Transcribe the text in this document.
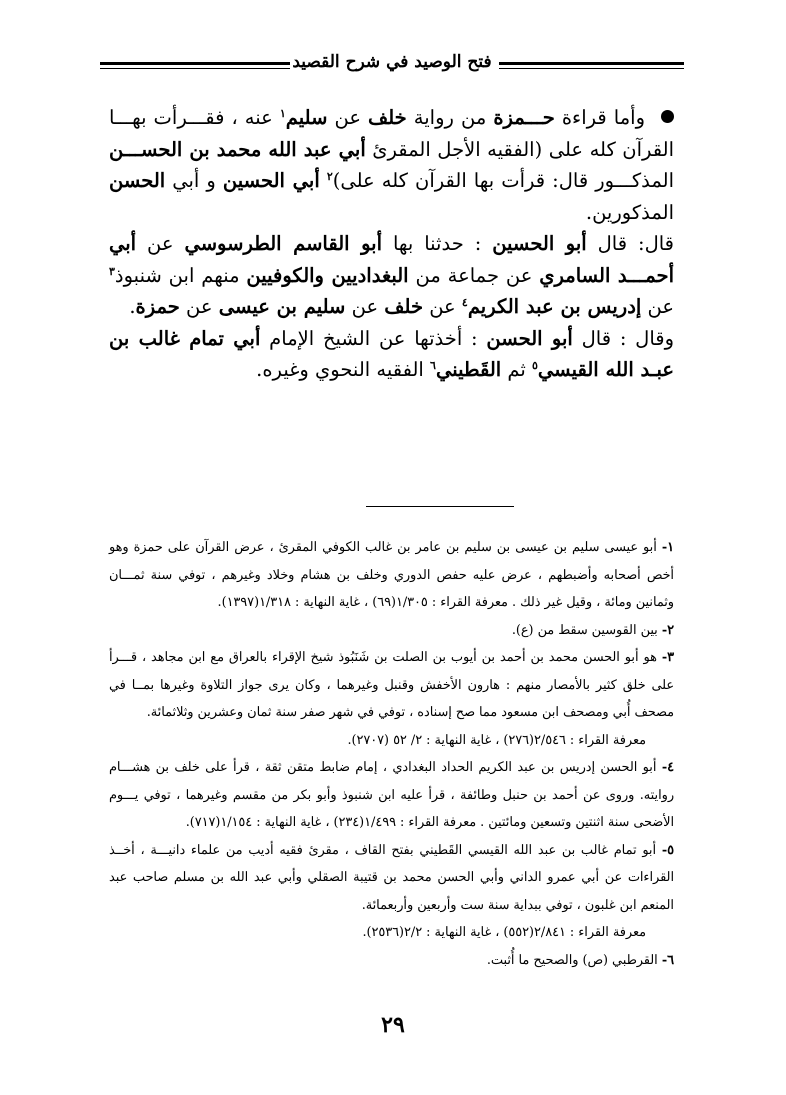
فتح الوصيد في شرح القصيد

وأما قراءة حـــمزة من رواية خلف عن سليم$^١$ عنه ، فقـــرأت بهـــا القرآن كله على (الفقيه الأجل المقرئ أبي عبد الله محمد بن الحســـن المذكـــور قال: قرأت بها القرآن كله على)$^٢$ أبي الحسين و أبي الحسن المذكورين.

قال: قال أبو الحسين : حدثنا بها أبو القاسم الطرسوسي عن أبي أحمـــد السامري عن جماعة من البغداديين والكوفيين منهم ابن شنبوذ$^٣$ عن إدريس بن عبد الكريم$^٤$ عن خلف عن سليم بن عيسى عن حمزة.

وقال : قال أبو الحسن : أخذتها عن الشيخ الإمام أبي تمام غالب بن عبـد الله القيسي$^٥$ ثم القَطيني$^٦$ الفقيه النحوي وغيره.

١- أبو عيسى سليم بن عيسى بن سليم بن عامر بن غالب الكوفي المقرئ ، عرض القرآن على حمزة وهو أخص أصحابه وأضبطهم ، عرض عليه حفص الدوري وخلف بن هشام وخلاد وغيرهم ، توفي سنة ثمـــان وثمانين ومائة ، وقيل غير ذلك . معرفة القراء : ١/٣٠٥(٦٩) ، غاية النهاية : ١/٣١٨(١٣٩٧).

٢- بين القوسين سقط من (ع).

٣- هو أبو الحسن محمد بن أحمد بن أيوب بن الصلت بن شَنَبُوذ شيخ الإقراء بالعراق مع ابن مجاهد ، قـــرأ على خلق كثير بالأمصار منهم : هارون الأخفش وقنبل وغيرهما ، وكان يرى جواز التلاوة وغيرها بمــا في مصحف أُبي ومصحف ابن مسعود مما صح إسناده ، توفي في شهر صفر سنة ثمان وعشرين وثلاثمائة.

معرفة القراء : ٢/٥٤٦(٢٧٦) ، غاية النهاية : ٢/ ٥٢ (٢٧٠٧).

٤- أبو الحسن إدريس بن عبد الكريم الحداد البغدادي ، إمام ضابط متقن ثقة ، قرأ على خلف بن هشـــام روايته. وروى عن أحمد بن حنبل وطائفة ، قرأ عليه ابن شنبوذ وأبو بكر من مقسم وغيرهما ، توفي يـــوم الأضحى سنة اثنتين وتسعين ومائتين . معرفة القراء : ١/٤٩٩(٢٣٤) ، غاية النهاية : ١/١٥٤(٧١٧).

٥- أبو تمام غالب بن عبد الله القيسي القَطيني بفتح القاف ، مقرئ فقيه أديب من علماء دانيـــة ، أخــذ القراءات عن أبي عمرو الداني وأبي الحسن محمد بن قتيبة الصقلي وأبي عبد الله بن مسلم صاحب عبد المنعم ابن غلبون ، توفي ببداية سنة ست وأربعين وأربعمائة.

معرفة القراء : ٢/٨٤١(٥٥٢) ، غاية النهاية : ٢/٢(٢٥٣٦).

٦- القرطبي (ص) والصحيح ما أُثبت.

٢٩
